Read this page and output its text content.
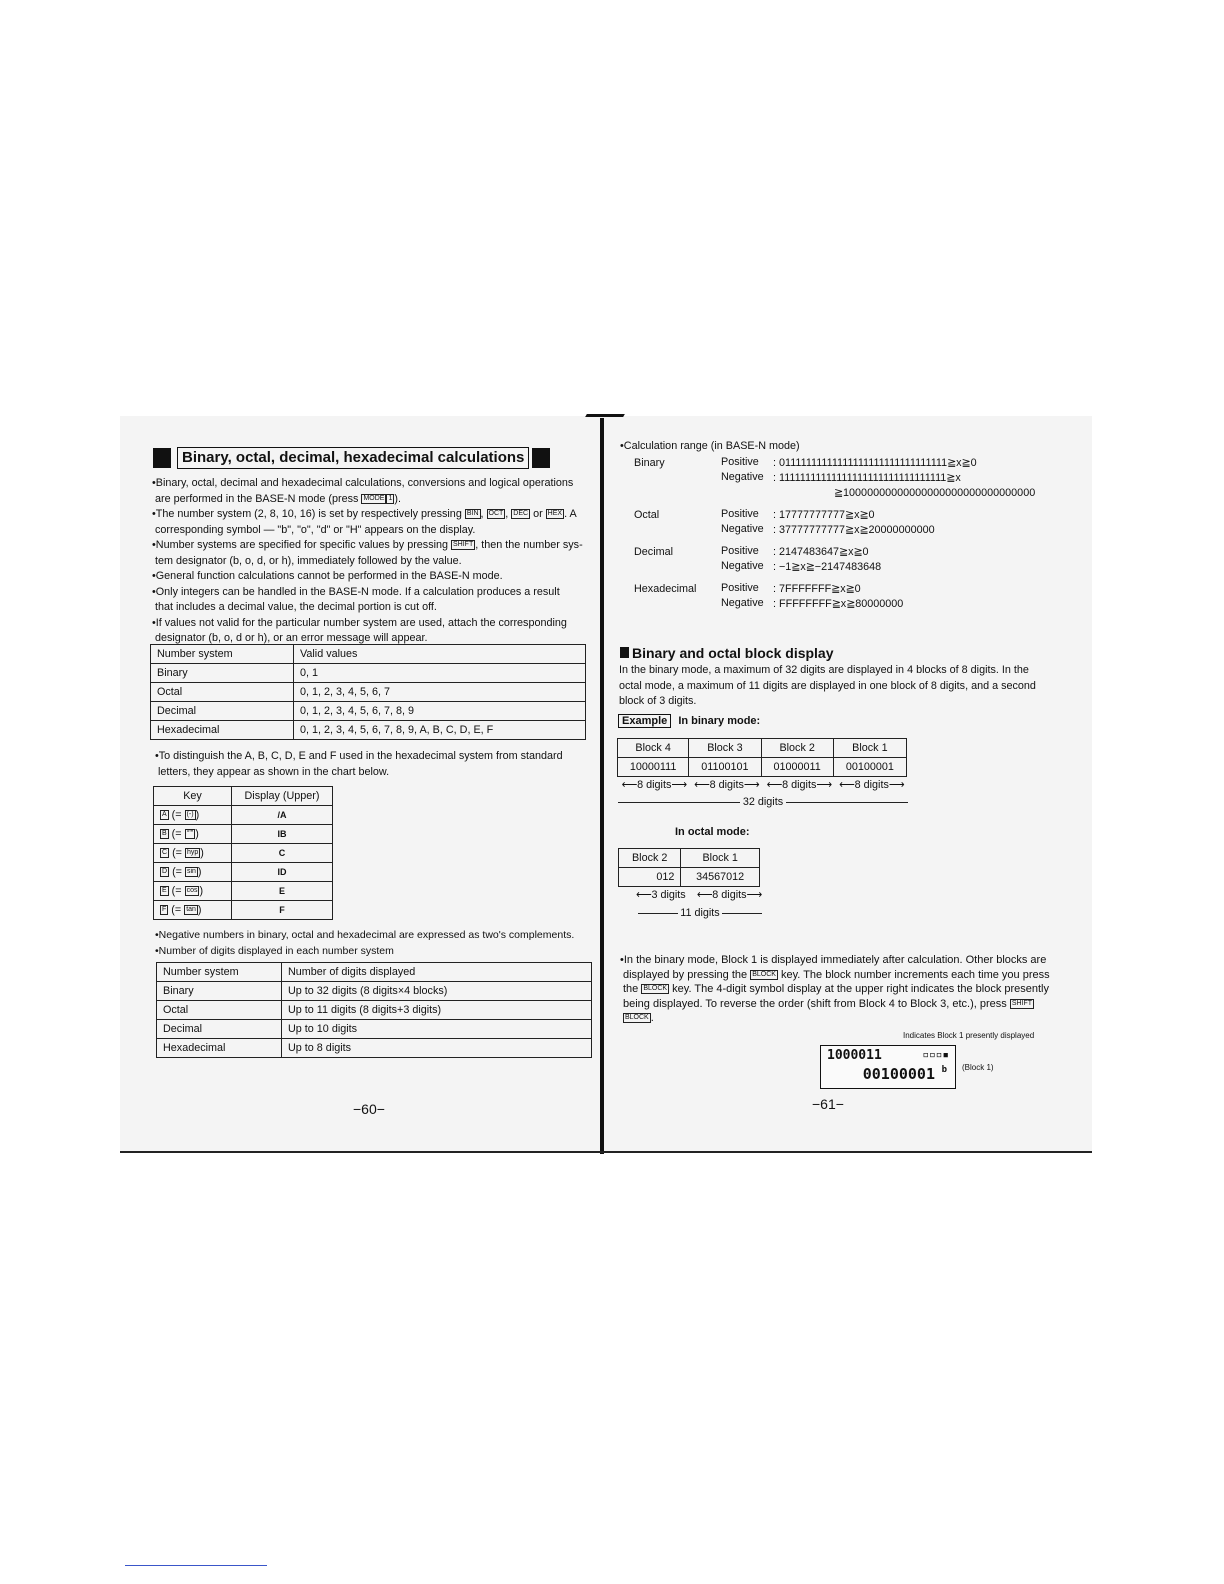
Binary, octal, decimal, hexadecimal calculations
•Binary, octal, decimal and hexadecimal calculations, conversions and logical operations
are performed in the BASE-N mode (press MODE 1 ).
•The number system (2, 8, 10, 16) is set by respectively pressing BIN , OCT , DEC or HEX . A
corresponding symbol — "b", "o", "d" or "H" appears on the display.
•Number systems are specified for specific values by pressing SHIFT , then the number sys-
tem designator (b, o, d, or h), immediately followed by the value.
•General function calculations cannot be performed in the BASE-N mode.
•Only integers can be handled in the BASE-N mode. If a calculation produces a result
that includes a decimal value, the decimal portion is cut off.
•If values not valid for the particular number system are used, attach the corresponding
designator (b, o, d or h), or an error message will appear.
Number system	Valid values
Binary	0, 1
Octal	0, 1, 2, 3, 4, 5, 6, 7
Decimal	0, 1, 2, 3, 4, 5, 6, 7, 8, 9
Hexadecimal	0, 1, 2, 3, 4, 5, 6, 7, 8, 9, A, B, C, D, E, F
•To distinguish the A, B, C, D, E and F used in the hexadecimal system from standard
letters, they appear as shown in the chart below.
Key	Display (Upper)
A (= (-) )	/A
B (= °'" )	IB
C (= hyp )	C
D (= sin )	ID
E (= cos )	E
F (= tan )	F
•Negative numbers in binary, octal and hexadecimal are expressed as two's complements.
•Number of digits displayed in each number system
Number system	Number of digits displayed
Binary	Up to 32 digits (8 digits×4 blocks)
Octal	Up to 11 digits (8 digits+3 digits)
Decimal	Up to 10 digits
Hexadecimal	Up to 8 digits
−60−
•Calculation range (in BASE-N mode)
Binary	Positive : 01111111111111111111111111111111≧x≧0
Negative : 11111111111111111111111111111111≧x
≧10000000000000000000000000000000
Octal	Positive : 17777777777≧x≧0
Negative : 37777777777≧x≧20000000000
Decimal	Positive : 2147483647≧x≧0
Negative : −1≧x≧−2147483648
Hexadecimal Positive : 7FFFFFFF≧x≧0
Negative : FFFFFFFF≧x≧80000000
Binary and octal block display
In the binary mode, a maximum of 32 digits are displayed in 4 blocks of 8 digits. In the
octal mode, a maximum of 11 digits are displayed in one block of 8 digits, and a second
block of 3 digits.
Example In binary mode:
Block 4	Block 3	Block 2	Block 1
10000111	01100101	01000011	00100001
⟵8 digits⟶ ⟵8 digits⟶ ⟵8 digits⟶ ⟵8 digits⟶
32 digits
In octal mode:
Block 2	Block 1
012	34567012
⟵3 digits ⟵8 digits⟶
11 digits
•In the binary mode, Block 1 is displayed immediately after calculation. Other blocks are
displayed by pressing the BLOCK key. The block number increments each time you press
the BLOCK key. The 4-digit symbol display at the upper right indicates the block presently
being displayed. To reverse the order (shift from Block 4 to Block 3, etc.), press SHIFTBLOCK .
Indicates Block 1 presently displayed
1000011	▫▫▫▪
00100001 b (Block 1)
−61−
